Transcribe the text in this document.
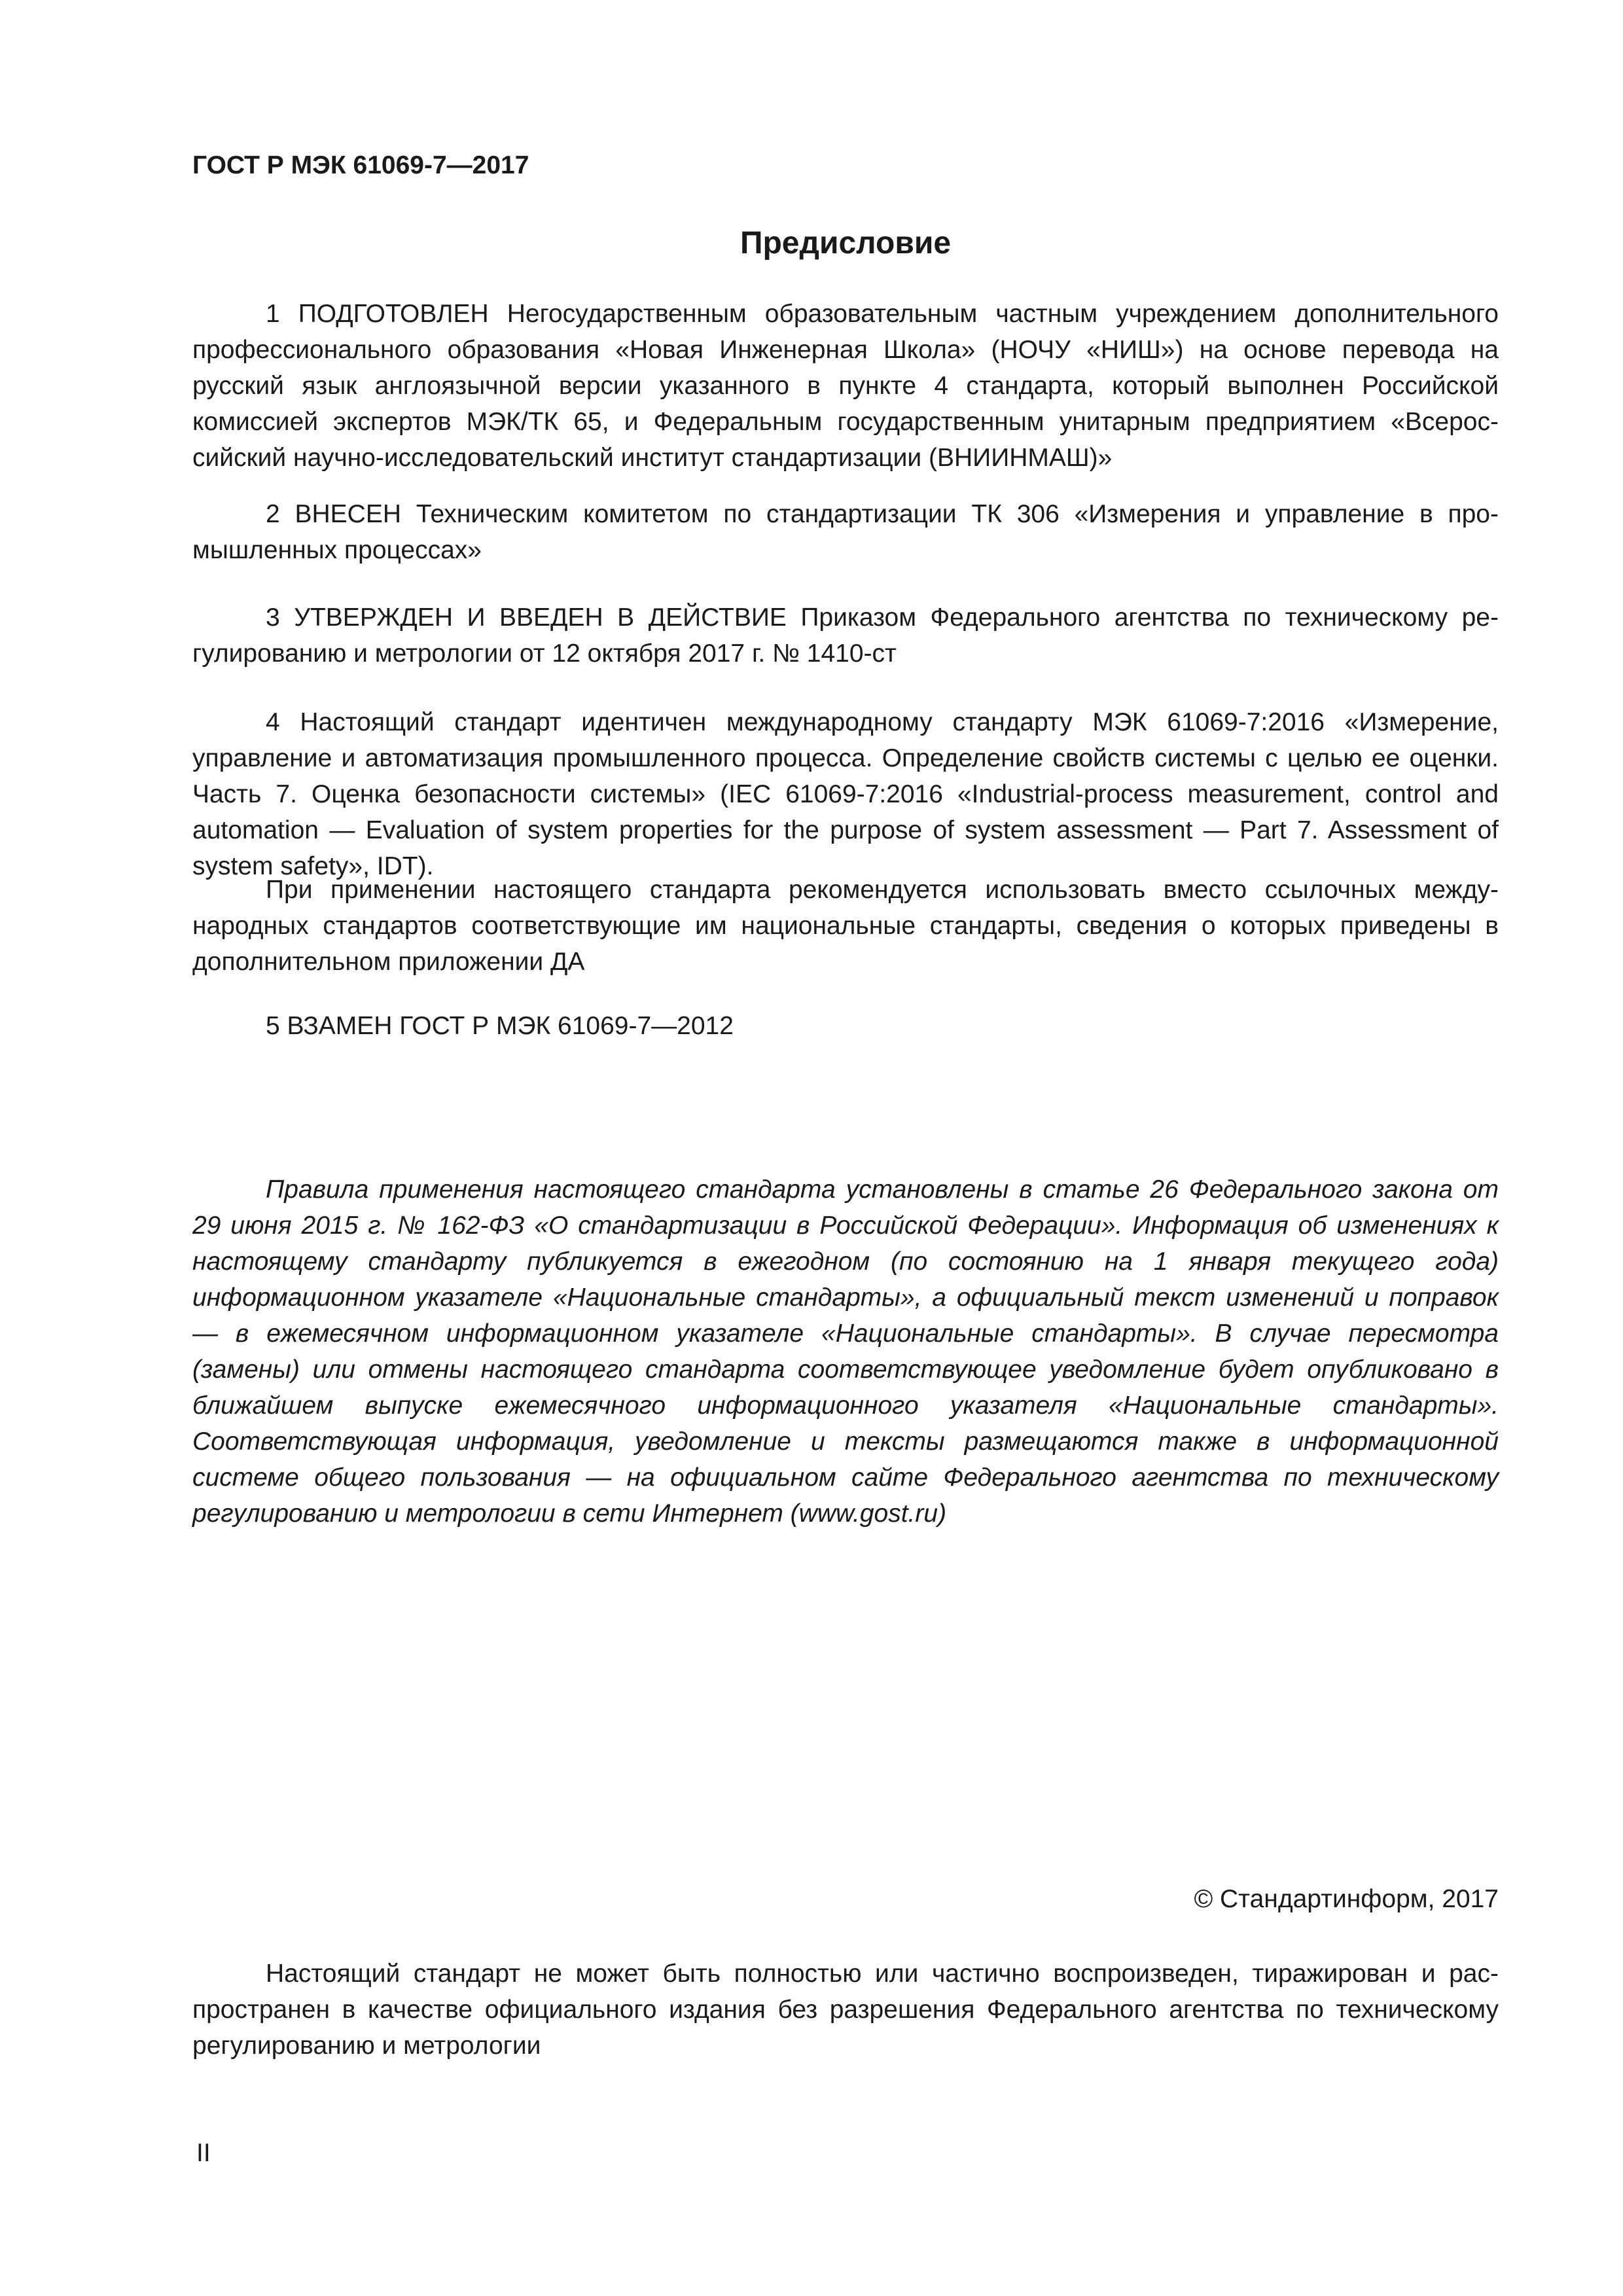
ГОСТ Р МЭК 61069-7—2017

Предисловие

1 ПОДГОТОВЛЕН Негосударственным образовательным частным учреждением дополнительного профессионального образования «Новая Инженерная Школа» (НОЧУ «НИШ») на основе перевода на русский язык англоязычной версии указанного в пункте 4 стандарта, который выполнен Российской комиссией экспертов МЭК/ТК 65, и Федеральным государственным унитарным предприятием «Всероссийский научно-исследовательский институт стандартизации (ВНИИНМАШ)»

2 ВНЕСЕН Техническим комитетом по стандартизации ТК 306 «Измерения и управление в промышленных процессах»

3 УТВЕРЖДЕН И ВВЕДЕН В ДЕЙСТВИЕ Приказом Федерального агентства по техническому регулированию и метрологии от 12 октября 2017 г. № 1410-ст

4 Настоящий стандарт идентичен международному стандарту МЭК 61069-7:2016 «Измерение, управление и автоматизация промышленного процесса. Определение свойств системы с целью ее оценки. Часть 7. Оценка безопасности системы» (IEC 61069-7:2016 «Industrial-process measurement, control and automation — Evaluation of system properties for the purpose of system assessment — Part 7. Assessment of system safety», IDT).

При применении настоящего стандарта рекомендуется использовать вместо ссылочных международных стандартов соответствующие им национальные стандарты, сведения о которых приведены в дополнительном приложении ДА

5 ВЗАМЕН ГОСТ Р МЭК 61069-7—2012

Правила применения настоящего стандарта установлены в статье 26 Федерального закона от 29 июня 2015 г. № 162-ФЗ «О стандартизации в Российской Федерации». Информация об изменениях к настоящему стандарту публикуется в ежегодном (по состоянию на 1 января текущего года) информационном указателе «Национальные стандарты», а официальный текст изменений и поправок — в ежемесячном информационном указателе «Национальные стандарты». В случае пересмотра (замены) или отмены настоящего стандарта соответствующее уведомление будет опубликовано в ближайшем выпуске ежемесячного информационного указателя «Национальные стандарты». Соответствующая информация, уведомление и тексты размещаются также в информационной системе общего пользования — на официальном сайте Федерального агентства по техническому регулированию и метрологии в сети Интернет (www.gost.ru)

© Стандартинформ, 2017

Настоящий стандарт не может быть полностью или частично воспроизведен, тиражирован и распространен в качестве официального издания без разрешения Федерального агентства по техническому регулированию и метрологии

II
